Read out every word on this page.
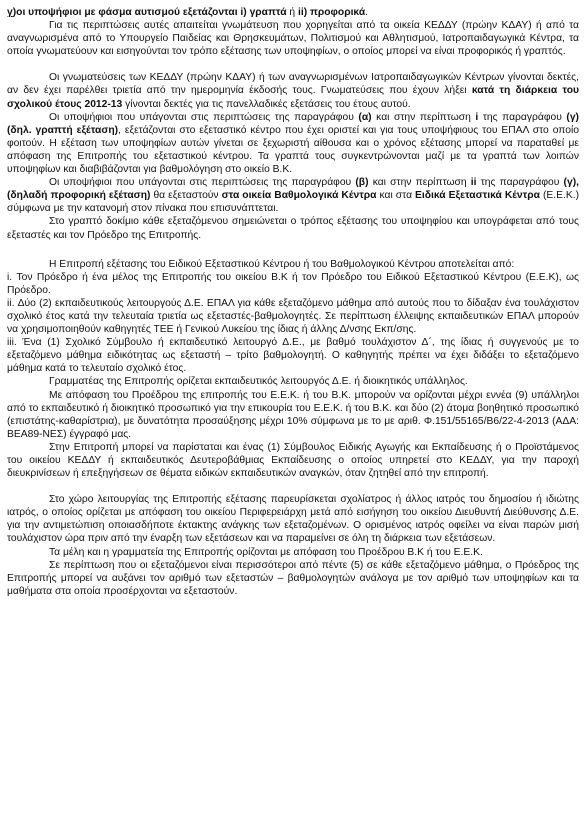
γ)οι υποψήφιοι με φάσμα αυτισμού εξετάζονται i) γραπτά ή ii) προφορικά.

Για τις περιπτώσεις αυτές απαιτείται γνωμάτευση που χορηγείται από τα οικεία ΚΕΔΔΥ (πρώην ΚΔΑΥ) ή από τα αναγνωρισμένα από το Υπουργείο Παιδείας και Θρησκευμάτων, Πολιτισμού και Αθλητισμού, Ιατροπαιδαγωγικά Κέντρα, τα οποία γνωματεύουν και εισηγούνται τον τρόπο εξέτασης των υποψηφίων, ο οποίος μπορεί να είναι προφορικός ή γραπτός.

Οι γνωματεύσεις των ΚΕΔΔΥ (πρώην ΚΔΑΥ) ή των αναγνωρισμένων Ιατροπαιδαγωγικών Κέντρων γίνονται δεκτές, αν δεν έχει παρέλθει τριετία από την ημερομηνία έκδοσής τους. Γνωματεύσεις που έχουν λήξει κατά τη διάρκεια του σχολικού έτους 2012-13 γίνονται δεκτές για τις πανελλαδικές εξετάσεις του έτους αυτού.

Οι υποψήφιοι που υπάγονται στις περιπτώσεις της παραγράφου (α) και στην περίπτωση i της παραγράφου (γ) (δηλ. γραπτή εξέταση), εξετάζονται στο εξεταστικό κέντρο που έχει οριστεί και για τους υποψήφιους του ΕΠΑΛ στο οποίο φοιτούν. Η εξέταση των υποψηφίων αυτών γίνεται σε ξεχωριστή αίθουσα και ο χρόνος εξέτασης μπορεί να παραταθεί με απόφαση της Επιτροπής του εξεταστικού κέντρου. Τα γραπτά τους συγκεντρώνονται μαζί με τα γραπτά των λοιπών υποψηφίων και διαβιβάζονται για βαθμολόγηση στο οικείο Β.Κ.

Οι υποψήφιοι που υπάγονται στις περιπτώσεις της παραγράφου (β) και στην περίπτωση ii της παραγράφου (γ), (δηλαδή προφορική εξέταση) θα εξεταστούν στα οικεία Βαθμολογικά Κέντρα και στα Ειδικά Εξεταστικά Κέντρα (Ε.Ε.Κ.) σύμφωνα με την κατανομή στον πίνακα που επισυνάπτεται.

Στο γραπτό δοκίμιο κάθε εξεταζόμενου σημειώνεται ο τρόπος εξέτασης του υποψηφίου και υπογράφεται από τους εξεταστές και τον Πρόεδρο της Επιτροπής.

Η Επιτροπή εξέτασης του Ειδικού Εξεταστικού Κέντρου ή του Βαθμολογικού Κέντρου αποτελείται από:

i. Τον Πρόεδρο ή ένα μέλος της Επιτροπής του οικείου Β.Κ ή τον Πρόεδρο του Ειδικού Εξεταστικού Κέντρου (Ε.Ε.Κ), ως Πρόεδρο.

ii. Δύο (2) εκπαιδευτικούς λειτουργούς Δ.Ε. ΕΠΑΛ για κάθε εξεταζόμενο μάθημα από αυτούς που το δίδαξαν ένα τουλάχιστον σχολικό έτος κατά την τελευταία τριετία ως εξεταστές-βαθμολογητές. Σε περίπτωση έλλειψης εκπαιδευτικών ΕΠΑΛ μπορούν να χρησιμοποιηθούν καθηγητές ΤΕΕ ή Γενικού Λυκείου της ίδιας ή άλλης Δ/νσης Εκπ/σης.

iii. Ένα (1) Σχολικό Σύμβουλο ή εκπαιδευτικό λειτουργό Δ.Ε., με βαθμό τουλάχιστον Δ΄, της ίδιας ή συγγενούς με το εξεταζόμενο μάθημα ειδικότητας ως εξεταστή – τρίτο βαθμολογητή. Ο καθηγητής πρέπει να έχει διδάξει το εξεταζόμενο μάθημα κατά το τελευταίο σχολικό έτος.

Γραμματέας της Επιτροπής ορίζεται εκπαιδευτικός λειτουργός Δ.Ε. ή διοικητικός υπάλληλος.

Με απόφαση του Προέδρου της επιτροπής του Ε.Ε.Κ. ή του Β.Κ. μπορούν να ορίζονται μέχρι εννέα (9) υπάλληλοι από το εκπαιδευτικό ή διοικητικό προσωπικό για την επικουρία του Ε.Ε.Κ. ή του Β.Κ. και δύο (2) άτομα βοηθητικό προσωπικό (επιστάτης-καθαρίστρια), με δυνατότητα προσαύξησης μέχρι 10% σύμφωνα με το με αριθ. Φ.151/55165/Β6/22-4-2013 (ΑΔΑ: ΒΕΑ89-ΝΕΣ) έγγραφό μας.

Στην Επιτροπή μπορεί να παρίσταται και ένας (1) Σύμβουλος Ειδικής Αγωγής και Εκπαίδευσης ή ο Προϊστάμενος του οικείου ΚΕΔΔΥ ή εκπαιδευτικός Δευτεροβάθμιας Εκπαίδευσης ο οποίος υπηρετεί στο ΚΕΔΔΥ, για την παροχή διευκρινίσεων ή επεξηγήσεων σε θέματα ειδικών εκπαιδευτικών αναγκών, όταν ζητηθεί από την επιτροπή.

Στο χώρο λειτουργίας της Επιτροπής εξέτασης παρευρίσκεται σχολίατρος ή άλλος ιατρός του δημοσίου ή ιδιώτης ιατρός, ο οποίος ορίζεται με απόφαση του οικείου Περιφερειάρχη μετά από εισήγηση του οικείου Διευθυντή Διεύθυνσης Δ.Ε. για την αντιμετώπιση οποιασδήποτε έκτακτης ανάγκης των εξεταζομένων. Ο ορισμένος ιατρός οφείλει να είναι παρών μισή τουλάχιστον ώρα πριν από την έναρξη των εξετάσεων και να παραμείνει σε όλη τη διάρκεια των εξετάσεων.

Τα μέλη και η γραμματεία της Επιτροπής ορίζονται με απόφαση του Προέδρου Β.Κ ή του Ε.Ε.Κ.

Σε περίπτωση που οι εξεταζόμενοι είναι περισσότεροι από πέντε (5) σε κάθε εξεταζόμενο μάθημα, ο Πρόεδρος της Επιτροπής μπορεί να αυξάνει τον αριθμό των εξεταστών – βαθμολογητών ανάλογα με τον αριθμό των υποψηφίων και τα μαθήματα στα οποία προσέρχονται να εξεταστούν.
